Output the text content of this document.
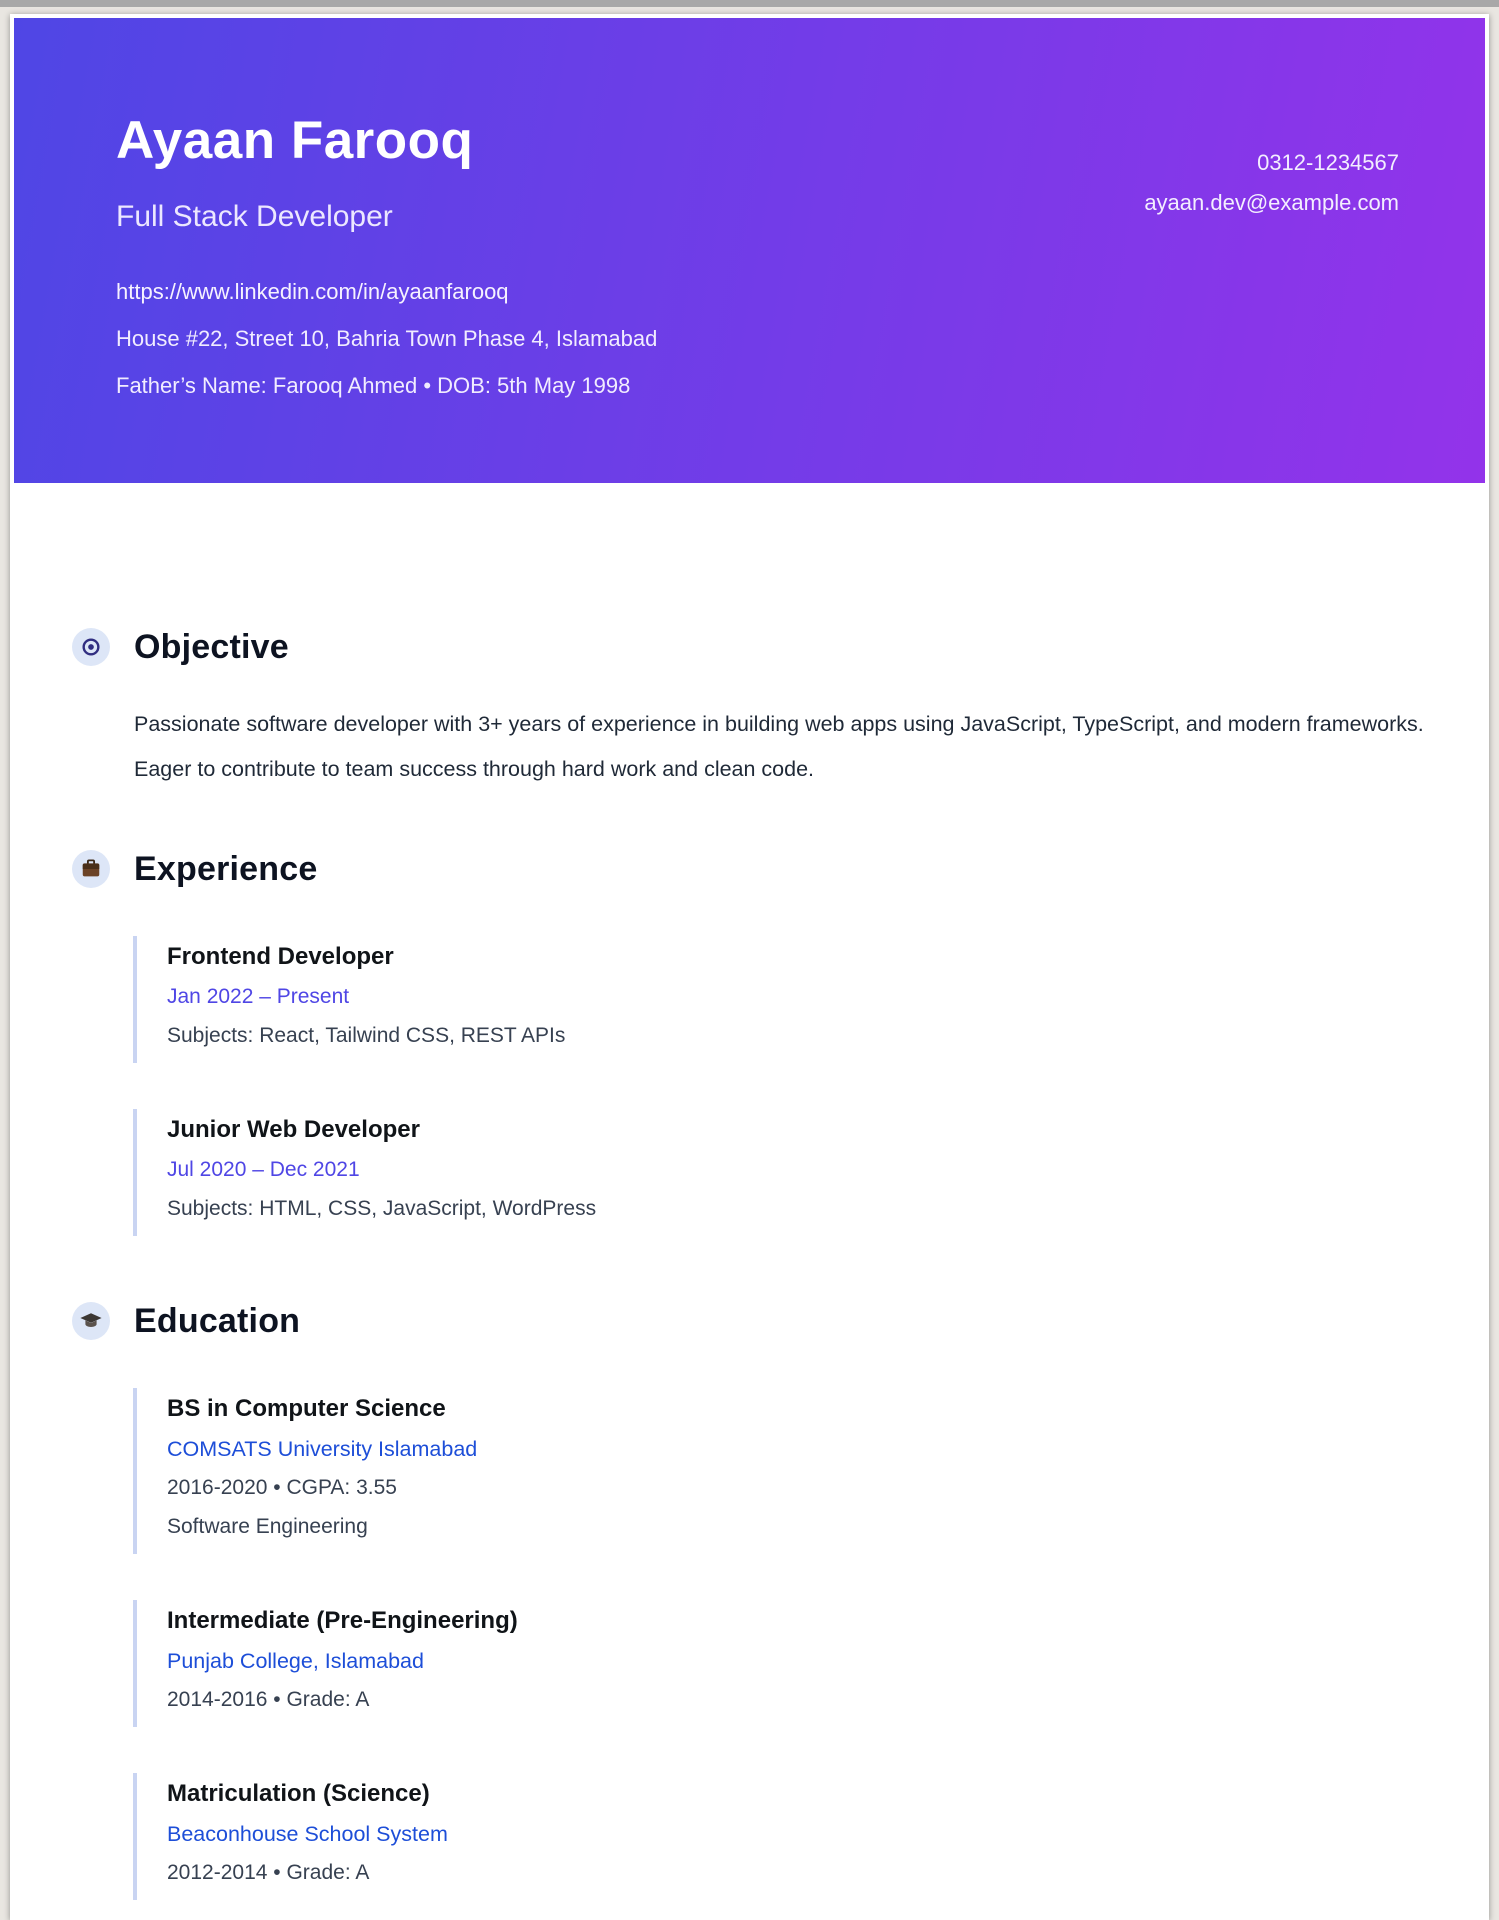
Ayaan Farooq
Full Stack Developer
https://www.linkedin.com/in/ayaanfarooq
House #22, Street 10, Bahria Town Phase 4, Islamabad
Father’s Name: Farooq Ahmed • DOB: 5th May 1998
0312-1234567
ayaan.dev@example.com
Objective

Passionate software developer with 3+ years of experience in building web apps using JavaScript, TypeScript, and modern frameworks. Eager to contribute to team success through hard work and clean code.

Experience
Frontend Developer
Jan 2022 – Present
Subjects: React, Tailwind CSS, REST APIs
Junior Web Developer
Jul 2020 – Dec 2021
Subjects: HTML, CSS, JavaScript, WordPress
Education
BS in Computer Science
COMSATS University Islamabad
2016-2020 • CGPA: 3.55
Software Engineering
Intermediate (Pre-Engineering)
Punjab College, Islamabad
2014-2016 • Grade: A
Matriculation (Science)
Beaconhouse School System
2012-2014 • Grade: A
